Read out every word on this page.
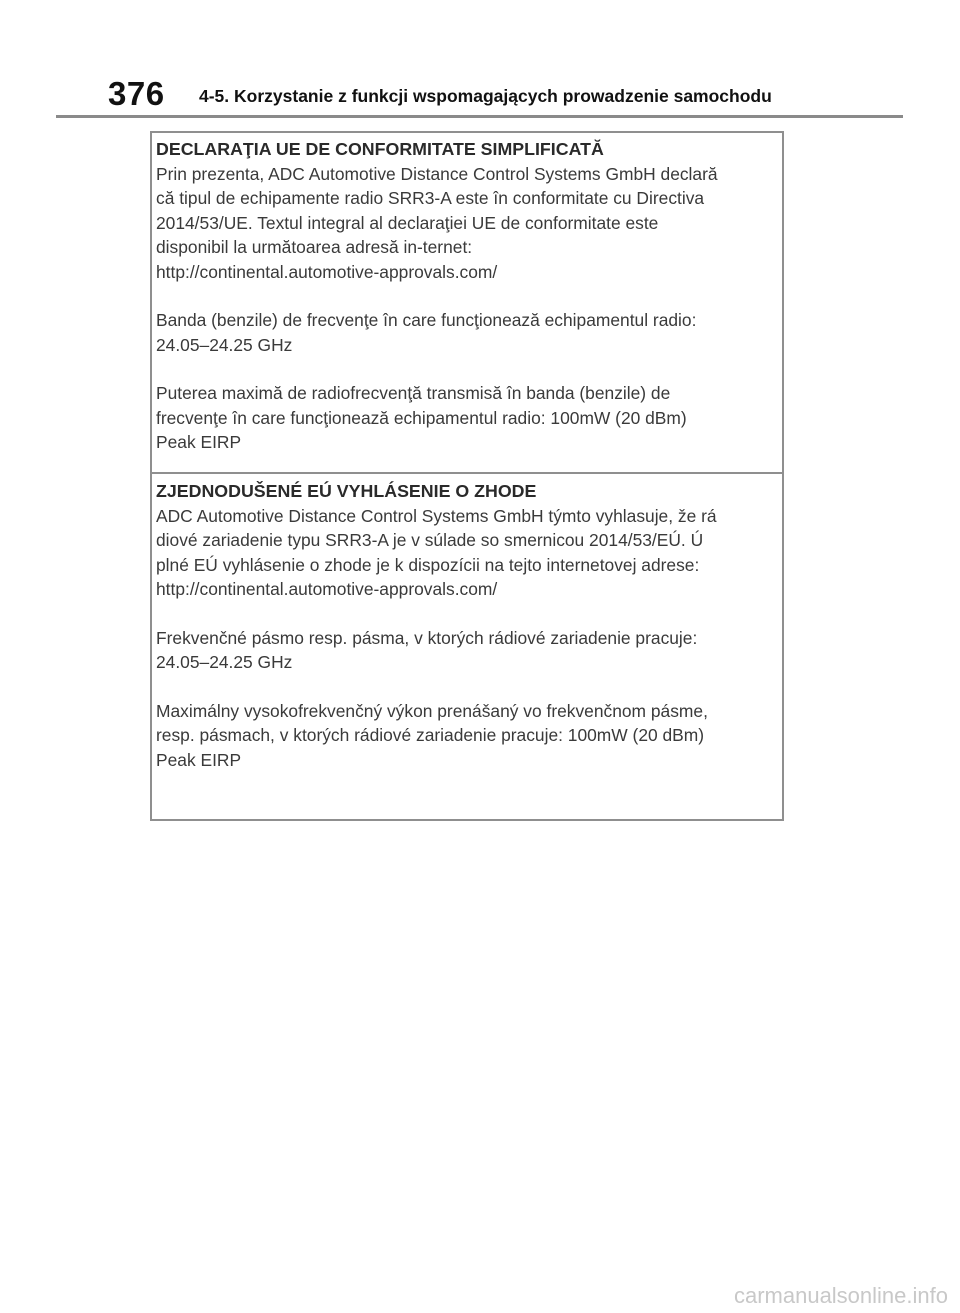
376 4-5. Korzystanie z funkcji wspomagających prowadzenie samochodu
DECLARAŢIA UE DE CONFORMITATE SIMPLIFICATĂ
Prin prezenta, ADC Automotive Distance Control Systems GmbH declară
că tipul de echipamente radio SRR3-A este în conformitate cu Directiva
2014/53/UE. Textul integral al declaraţiei UE de conformitate este
disponibil la următoarea adresă in-ternet:
http://continental.automotive-approvals.com/
Banda (benzile) de frecvenţe în care funcţionează echipamentul radio:
24.05–24.25 GHz
Puterea maximă de radiofrecvenţă transmisă în banda (benzile) de
frecvenţe în care funcţionează echipamentul radio: 100mW (20 dBm)
Peak EIRP
ZJEDNODUŠENÉ EÚ VYHLÁSENIE O ZHODE
ADC Automotive Distance Control Systems GmbH týmto vyhlasuje, že rá
diové zariadenie typu SRR3-A je v súlade so smernicou 2014/53/EÚ. Ú
plné EÚ vyhlásenie o zhode je k dispozícii na tejto internetovej adrese:
http://continental.automotive-approvals.com/
Frekvenčné pásmo resp. pásma, v ktorých rádiové zariadenie pracuje:
24.05–24.25 GHz
Maximálny vysokofrekvenčný výkon prenášaný vo frekvenčnom pásme,
resp. pásmach, v ktorých rádiové zariadenie pracuje: 100mW (20 dBm)
Peak EIRP
carmanualsonline.info
